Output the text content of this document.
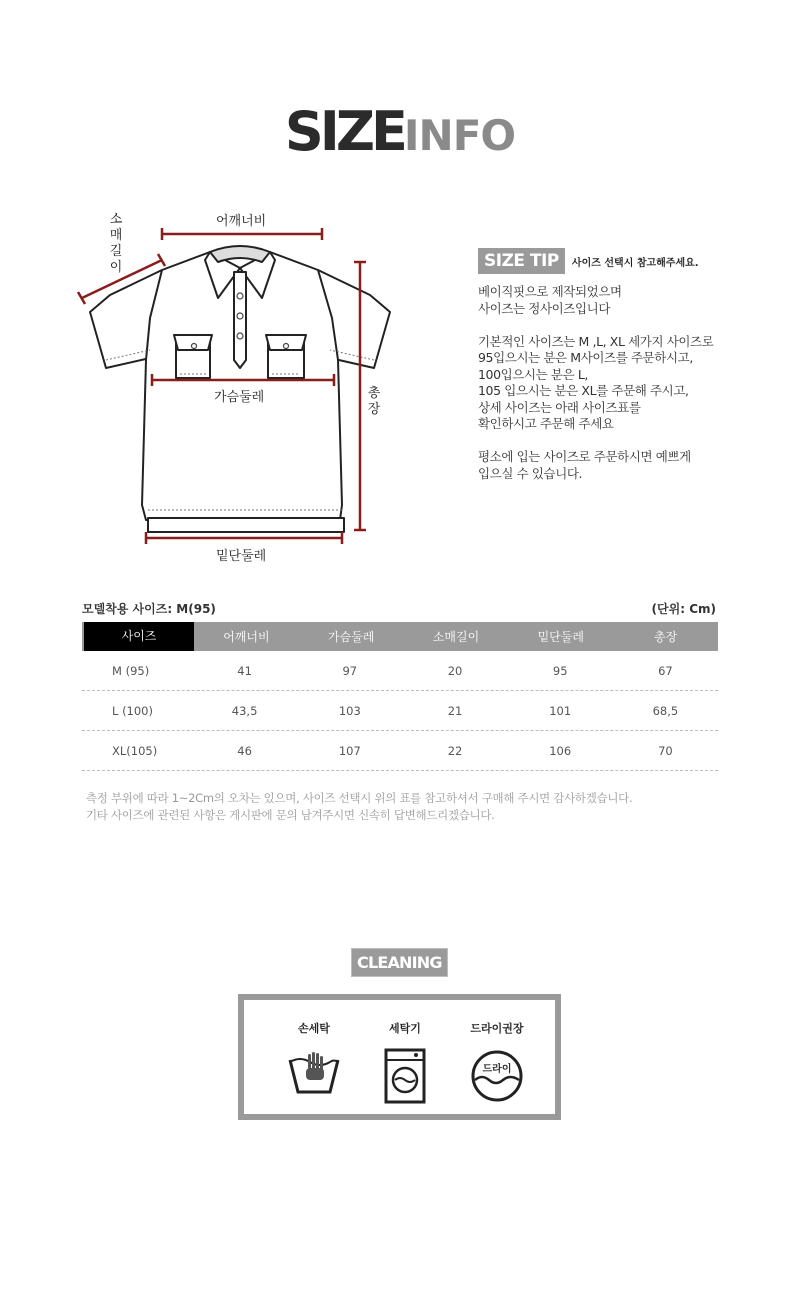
SIZEINFO
어깨너비
소매길이
가슴둘레	총장
밑단둘레
SIZE TIP 사이즈 선택시 참고해주세요.
베이직핏으로 제작되었으며
사이즈는 정사이즈입니다

기본적인 사이즈는 M ,L, XL 세가지 사이즈로
95입으시는 분은 M사이즈를 주문하시고,
100입으시는 분은 L,
105 입으시는 분은 XL를 주문해 주시고,
상세 사이즈는 아래 사이즈표를
확인하시고 주문해 주세요

평소에 입는 사이즈로 주문하시면 예쁘게
입으실 수 있습니다.
모델착용 사이즈: M(95)	(단위: Cm)
사이즈	어깨너비	가슴둘레	소매길이	밑단둘레	총장
M (95)	41	97	20	95	67
L (100)	43,5	103	21	101	68,5
XL(105)	46	107	22	106	70
측정 부위에 따라 1~2Cm의 오차는 있으며, 사이즈 선택시 위의 표를 참고하셔서 구매해 주시면 감사하겠습니다.
기타 사이즈에 관련된 사항은 게시판에 문의 남겨주시면 신속히 답변해드리겠습니다.
CLEANING
손세탁	세탁기	드라이권장
드라이
